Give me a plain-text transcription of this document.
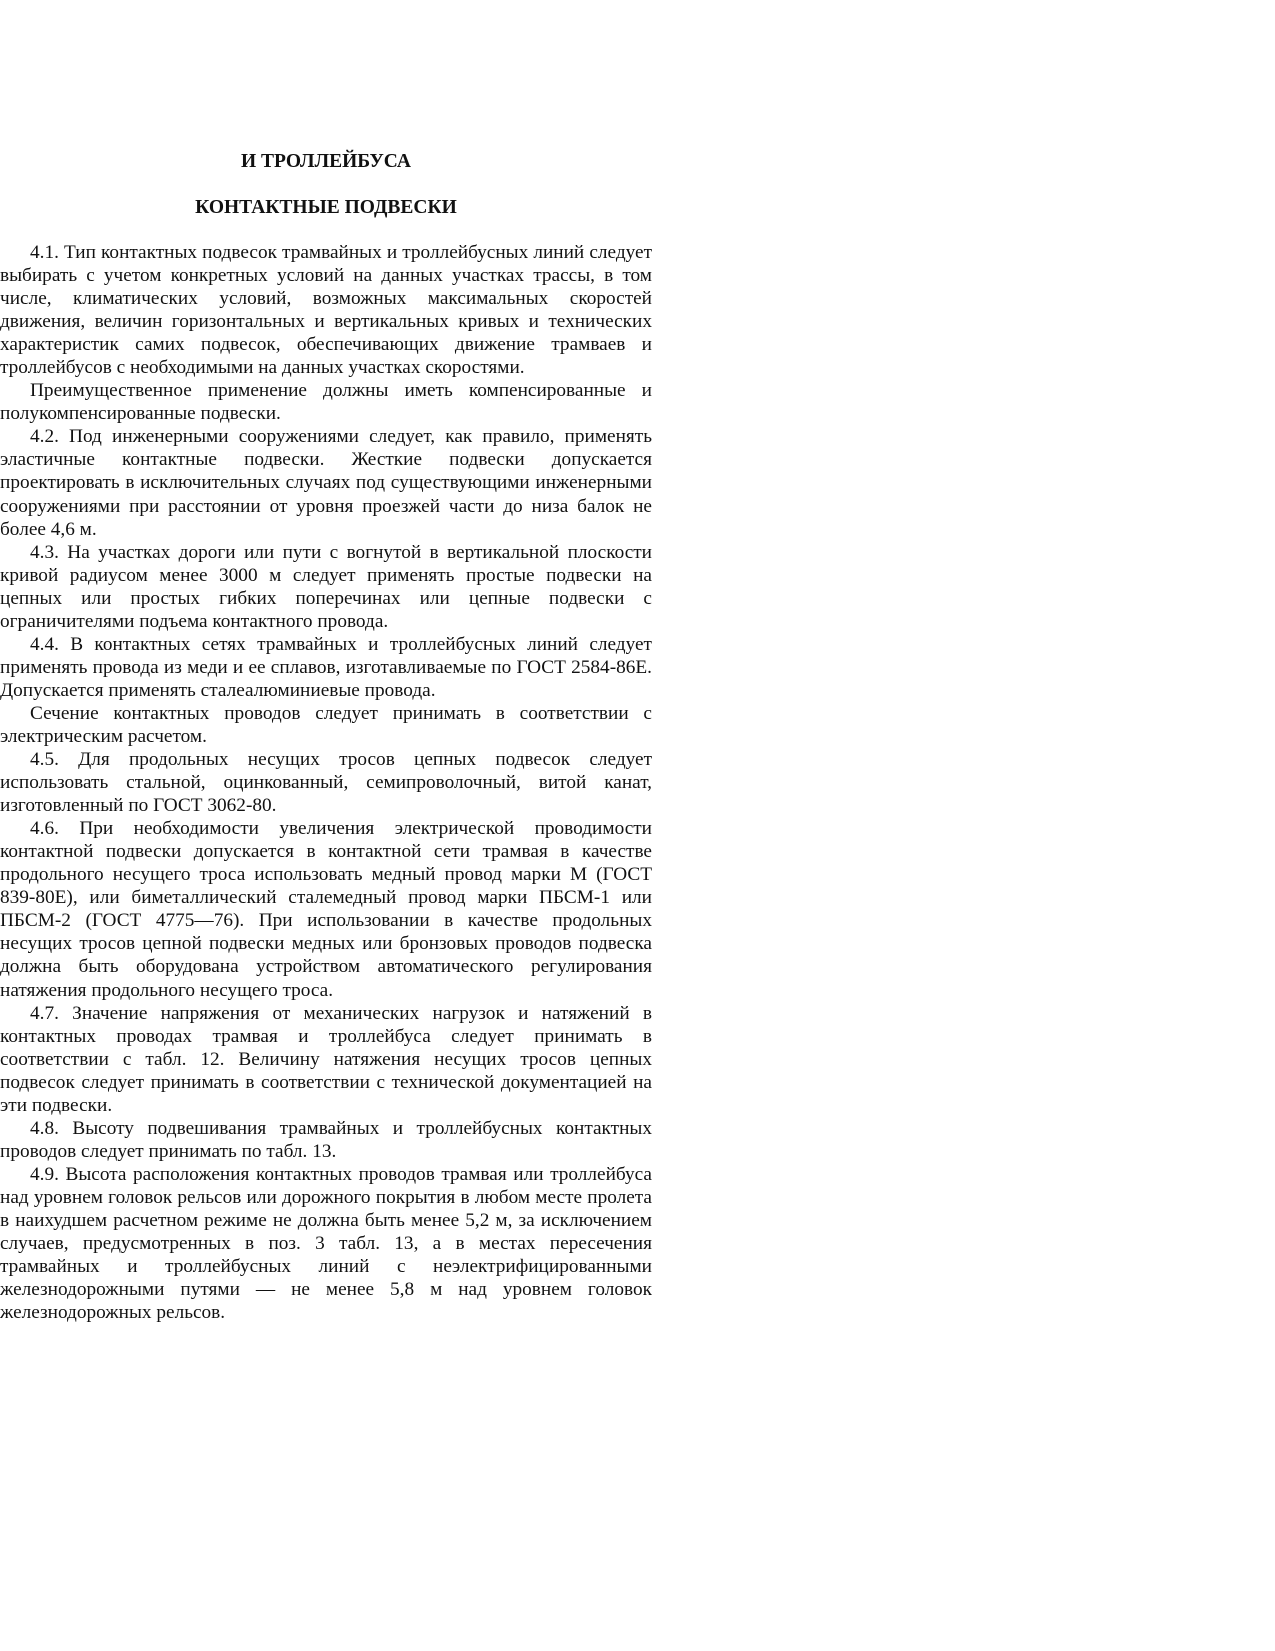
И ТРОЛЛЕЙБУСА
КОНТАКТНЫЕ ПОДВЕСКИ

4.1. Тип контактных подвесок трамвайных и троллейбусных линий следует выбирать с учетом конкретных условий на данных участках трассы, в том числе, климатических условий, возможных максимальных скоростей движения, величин горизонтальных и вертикальных кривых и технических характеристик самих подвесок, обеспечивающих движение трамваев и троллейбусов с необходимыми на данных участках скоростями.

Преимущественное применение должны иметь компенсированные и полукомпенсированные подвески.

4.2. Под инженерными сооружениями следует, как правило, применять эластичные контактные подвески. Жесткие подвески допускается проектировать в исключительных случаях под существующими инженерными сооружениями при расстоянии от уровня проезжей части до низа балок не более 4,6 м.

4.3. На участках дороги или пути с вогнутой в вертикальной плоскости кривой радиусом менее 3000 м следует применять простые подвески на цепных или простых гибких поперечинах или цепные подвески с ограничителями подъема контактного провода.

4.4. В контактных сетях трамвайных и троллейбусных линий следует применять провода из меди и ее сплавов, изготавливаемые по ГОСТ 2584-86Е. Допускается применять сталеалюминиевые провода.

Сечение контактных проводов следует принимать в соответствии с электрическим расчетом.

4.5. Для продольных несущих тросов цепных подвесок следует использовать стальной, оцинкованный, семипроволочный, витой канат, изготовленный по ГОСТ 3062-80.

4.6. При необходимости увеличения электрической проводимости контактной подвески допускается в контактной сети трамвая в качестве продольного несущего троса использовать медный провод марки М (ГОСТ 839-80Е), или биметаллический сталемедный провод марки ПБСМ-1 или ПБСМ-2 (ГОСТ 4775—76). При использовании в качестве продольных несущих тросов цепной подвески медных или бронзовых проводов подвеска должна быть оборудована устройством автоматического регулирования натяжения продольного несущего троса.

4.7. Значение напряжения от механических нагрузок и натяжений в контактных проводах трамвая и троллейбуса следует принимать в соответствии с табл. 12. Величину натяжения несущих тросов цепных подвесок следует принимать в соответствии с технической документацией на эти подвески.

4.8. Высоту подвешивания трамвайных и троллейбусных контактных проводов следует принимать по табл. 13.

4.9. Высота расположения контактных проводов трамвая или троллейбуса над уровнем головок рельсов или дорожного покрытия в любом месте пролета в наихудшем расчетном режиме не должна быть менее 5,2 м, за исключением случаев, предусмотренных в поз. 3 табл. 13, а в местах пересечения трамвайных и троллейбусных линий с неэлектрифицированными железнодорожными путями — не менее 5,8 м над уровнем головок железнодорожных рельсов.
